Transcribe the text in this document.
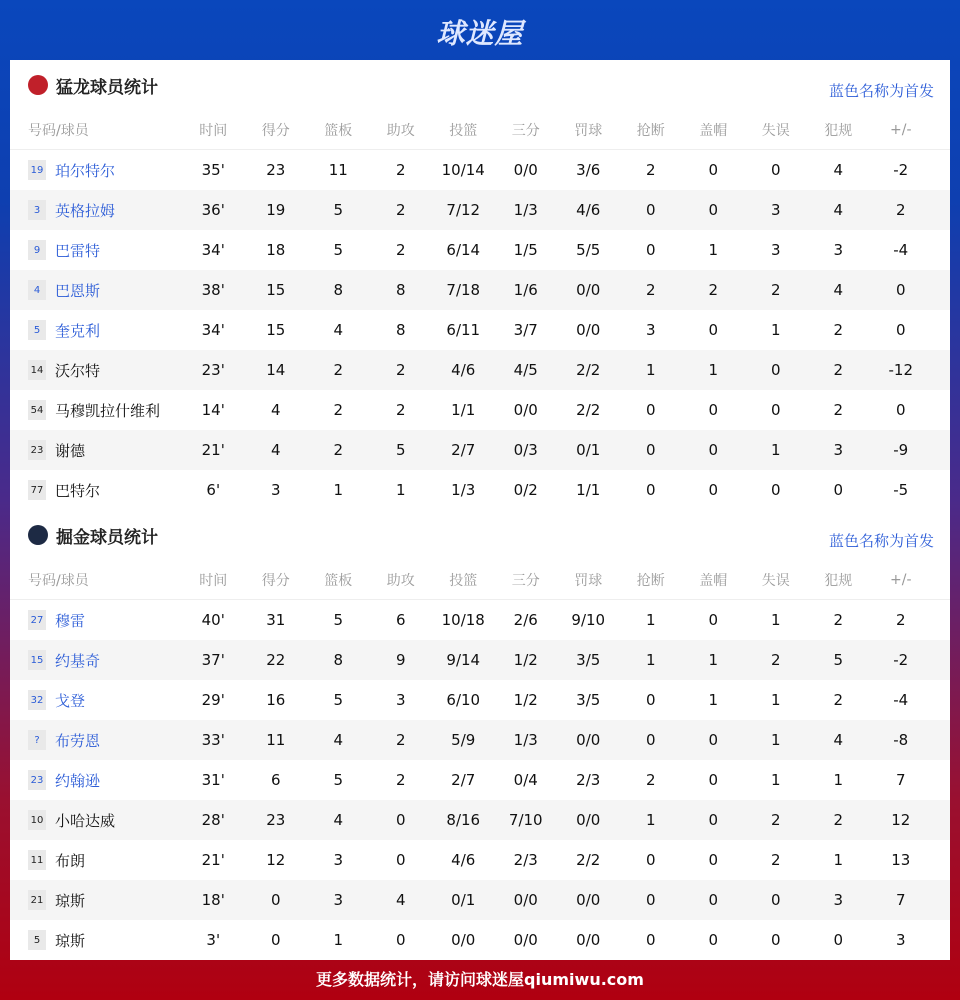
球迷屋
猛龙球员统计	蓝色名称为首发
号码/球员	时间	得分	篮板	助攻	投篮	三分	罚球	抢断	盖帽	失误	犯规	+/-
19 珀尔特尔	35'	23	11	2	10/14	0/0	3/6	2	0	0	4	-2
3 英格拉姆	36'	19	5	2	7/12	1/3	4/6	0	0	3	4	2
9 巴雷特	34'	18	5	2	6/14	1/5	5/5	0	1	3	3	-4
4 巴恩斯	38'	15	8	8	7/18	1/6	0/0	2	2	2	4	0
5 奎克利	34'	15	4	8	6/11	3/7	0/0	3	0	1	2	0
14 沃尔特	23'	14	2	2	4/6	4/5	2/2	1	1	0	2	-12
54 马穆凯拉什维利	14'	4	2	2	1/1	0/0	2/2	0	0	0	2	0
23 谢德	21'	4	2	5	2/7	0/3	0/1	0	0	1	3	-9
77 巴特尔	6'	3	1	1	1/3	0/2	1/1	0	0	0	0	-5
掘金球员统计	蓝色名称为首发
号码/球员	时间	得分	篮板	助攻	投篮	三分	罚球	抢断	盖帽	失误	犯规	+/-
27 穆雷	40'	31	5	6	10/18	2/6	9/10	1	0	1	2	2
15 约基奇	37'	22	8	9	9/14	1/2	3/5	1	1	2	5	-2
32 戈登	29'	16	5	3	6/10	1/2	3/5	0	1	1	2	-4
?	布劳恩	33'	11	4	2	5/9	1/3	0/0	0	0	1	4	-8
23 约翰逊	31'	6	5	2	2/7	0/4	2/3	2	0	1	1	7
10 小哈达威	28'	23	4	0	8/16	7/10	0/0	1	0	2	2	12
11 布朗	21'	12	3	0	4/6	2/3	2/2	0	0	2	1	13
21 琼斯	18'	0	3	4	0/1	0/0	0/0	0	0	0	3	7
5 琼斯	3'	0	1	0	0/0	0/0	0/0	0	0	0	0	3
更多数据统计，请访问球迷屋qiumiwu.com
